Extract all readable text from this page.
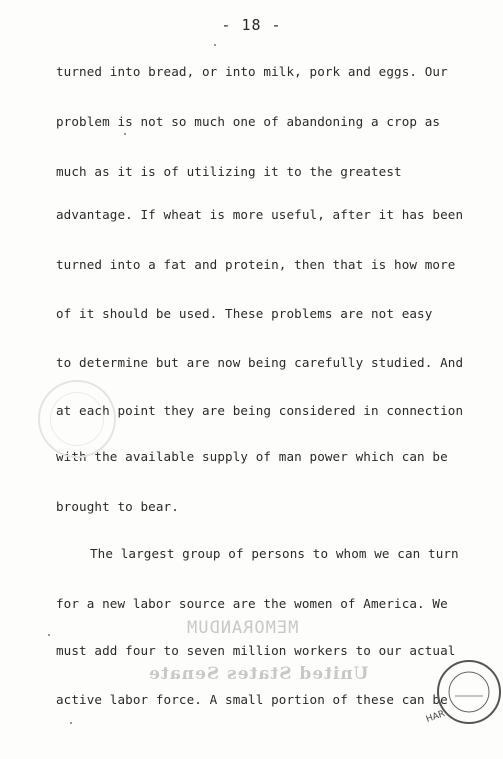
- 18 -
turned into bread, or into milk, pork and eggs. Our
problem is not so much one of abandoning a crop as
much as it is of utilizing it to the greatest
advantage. If wheat is more useful, after it has been
turned into a fat and protein, then that is how more
of it should be used. These problems are not easy
to determine but are now being carefully studied. And
at each point they are being considered in connection
with the available supply of man power which can be
brought to bear.
The largest group of persons to whom we can turn
for a new labor source are the women of America. We
must add four to seven million workers to our actual
active labor force. A small portion of these can be
MEMORANDUM
United States Senate
HAR
